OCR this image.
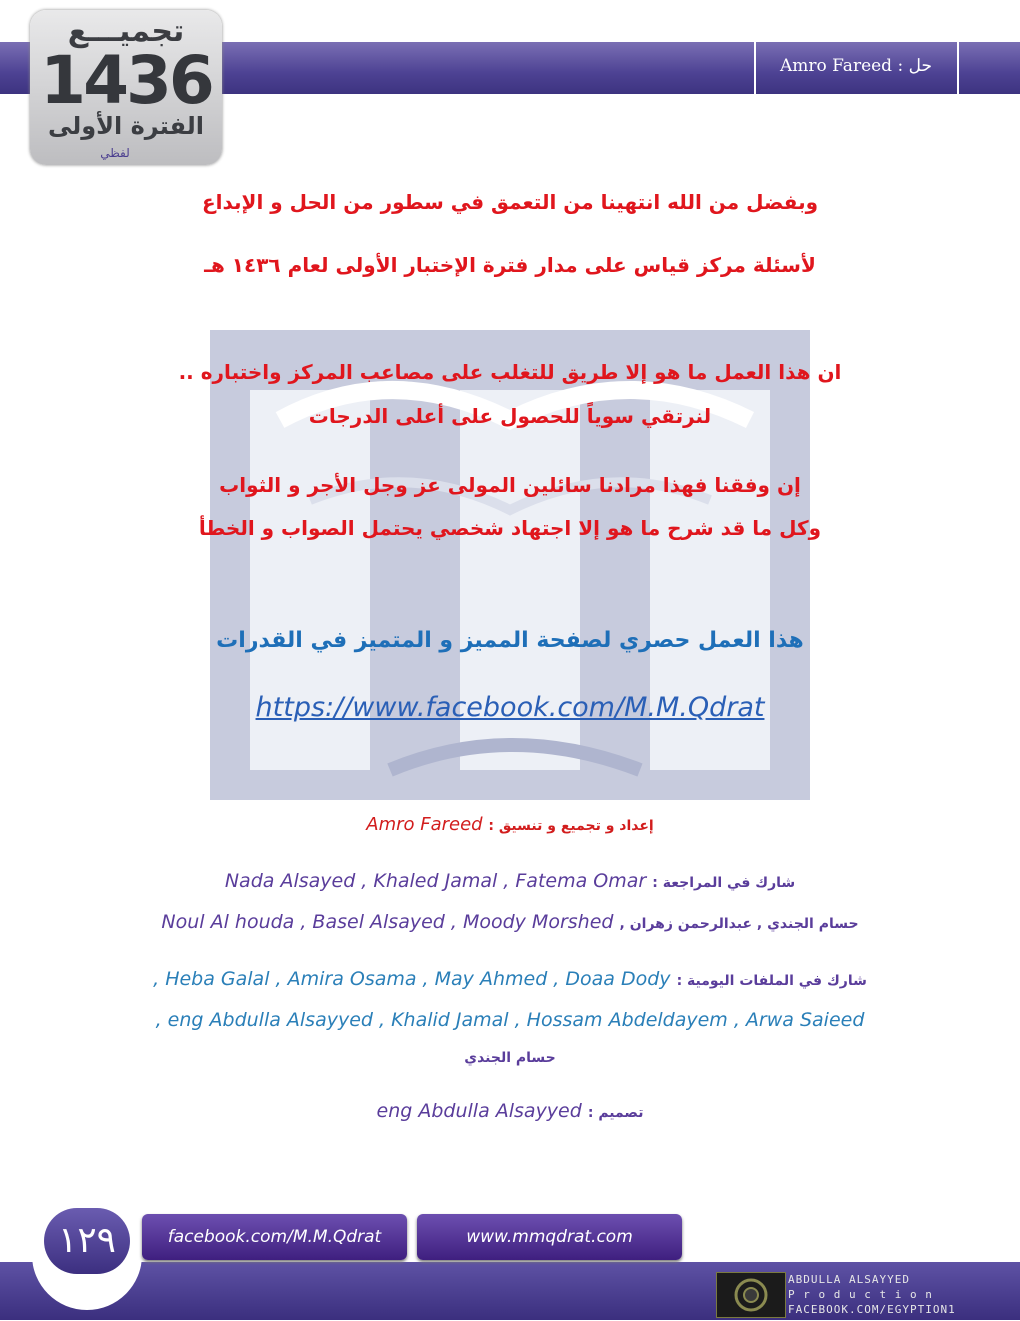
حل : Amro Fareed
تجميـــع
1436
الفترة الأولى
لفظي
وبفضل من الله انتهينا من التعمق في سطور من الحل و الإبداع
لأسئلة مركز قياس على مدار فترة الإختبار الأولى لعام ١٤٣٦ هـ
ان هذا العمل ما هو إلا طريق للتغلب على مصاعب المركز واختباره ..
لنرتقي سوياً للحصول على أعلى الدرجات
إن وفقنا فهذا مرادنا سائلين المولى عز وجل الأجر و الثواب
وكل ما قد شرح ما هو إلا اجتهاد شخصي يحتمل الصواب و الخطأ
هذا العمل حصري لصفحة المميز و المتميز في القدرات
https://www.facebook.com/M.M.Qdrat
إعداد و تجميع و تنسيق : Amro Fareed
شارك في المراجعة : Nada Alsayed , Khaled Jamal , Fatema Omar
حسام الجندي , عبدالرحمن زهران , Noul Al houda , Basel Alsayed , Moody Morshed
شارك في الملفات اليومية : Heba Galal , Amira Osama , May Ahmed , Doaa Dody ,
, eng Abdulla Alsayyed , Khalid Jamal , Hossam Abdeldayem , Arwa Saieed
حسام الجندي
تصميم : eng Abdulla Alsayyed
١٢٩	facebook.com/M.M.Qdrat	www.mmqdrat.com
ABDULLA ALSAYYED
P r o d u c t i o n
FACEBOOK.COM/EGYPTION1
